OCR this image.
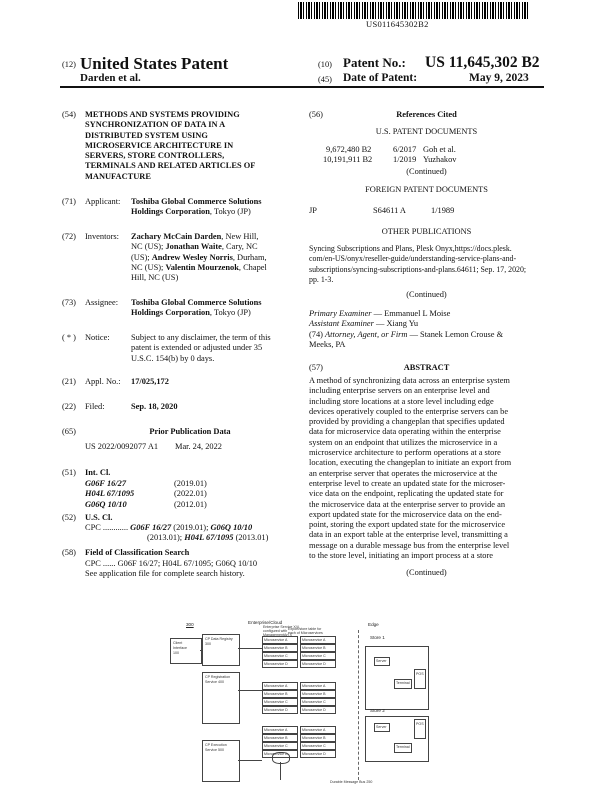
US011645302B2
(12) United States Patent
Darden et al.
(10) Patent No.: US 11,645,302 B2
(45) Date of Patent:	May 9, 2023
(54) METHODS AND SYSTEMS PROVIDING
SYNCHRONIZATION OF DATA IN A
DISTRIBUTED SYSTEM USING
MICROSERVICE ARCHITECTURE IN
SERVERS, STORE CONTROLLERS,
TERMINALS AND RELATED ARTICLES OF
MANUFACTURE
(71) Applicant: Toshiba Global Commerce Solutions
Holdings Corporation, Tokyo (JP)
(72) Inventors: Zachary McCain Darden, New Hill,
NC (US); Jonathan Waite, Cary, NC
(US); Andrew Wesley Norris, Durham,
NC (US); Valentin Mourzenok, Chapel
Hill, NC (US)
(73) Assignee: Toshiba Global Commerce Solutions
Holdings Corporation, Tokyo (JP)
( * ) Notice:	Subject to any disclaimer, the term of this
patent is extended or adjusted under 35
U.S.C. 154(b) by 0 days.
(21) Appl. No.: 17/025,172
(22) Filed:	Sep. 18, 2020
(65)	Prior Publication Data
US 2022/0092077 A1 Mar. 24, 2022
(51) Int. Cl.
G06F 16/27	(2019.01)
H04L 67/1095	(2022.01)
G06Q 10/10	(2012.01)
(52) U.S. Cl.
CPC ............ G06F 16/27 (2019.01); G06Q 10/10
(2013.01); H04L 67/1095 (2013.01)
(58) Field of Classification Search
CPC ...... G06F 16/27; H04L 67/1095; G06Q 10/10
See application file for complete search history.
(56)	References Cited
U.S. PATENT DOCUMENTS
9,672,480 B2	6/2017 Goh et al.
10,191,911 B2 1/2019 Yuzhakov
(Continued)
FOREIGN PATENT DOCUMENTS
JP	S64611 A	1/1989
OTHER PUBLICATIONS
Syncing Subscriptions and Plans, Plesk Onyx,https://docs.plesk.
com/en-US/onyx/reseller-guide/understanding-service-plans-and-
subscriptions/syncing-subscriptions-and-plans.64611; Sep. 17, 2020;
pp. 1-3.
(Continued)
Primary Examiner — Emmanuel L Moise
Assistant Examiner — Xiang Yu
(74) Attorney, Agent, or Firm — Stanek Lemon Crouse &
Meeks, PA
(57)	ABSTRACT
A method of synchronizing data across an enterprise system
including enterprise servers on an enterprise level and
including store locations at a store level including edge
devices operatively coupled to the enterprise servers can be
provided by providing a changeplan that specifies updated
data for microservice data operating within the enterprise
system on an endpoint that utilizes the microservice in a
microservice architecture to perform operations at a store
location, executing the changeplan to initiate an export from
an enterprise server that operates the microservice at the
enterprise level to create an updated state for the microser-
vice data on the endpoint, replicating the updated state for
the microservice data at the enterprise server to provide an
export updated state for the microservice data on the end-
point, storing the export updated state for the microservice
data in an export table at the enterprise level, transmitting a
message on a durable message bus from the enterprise level
to the store level, initiating an import process at a store
(Continued)
300	Enterprise/Cloud	Edge
Enterprise Service X/4
configured with
ManagementArt X
Export/store table for
each of Microservices
Client
Interface
100
CP Data Registry
300
CP Registration
Service 400
CP Execution
Service 500
Microservice A
Microservice B
Microservice C
Microservice D
Microservice A
Microservice B
Microservice C
Microservice D
Microservice A
Microservice B
Microservice C
Microservice D
Microservice A
Microservice B
Microservice C
Microservice D
Microservice A
Microservice B
Microservice C
Microservice D
Microservice A
Microservice B
Microservice C
Microservice D
Store 1
Server
Terminal
POS
Store 2
Server
Terminal
POS
Durable Message Bus 250
